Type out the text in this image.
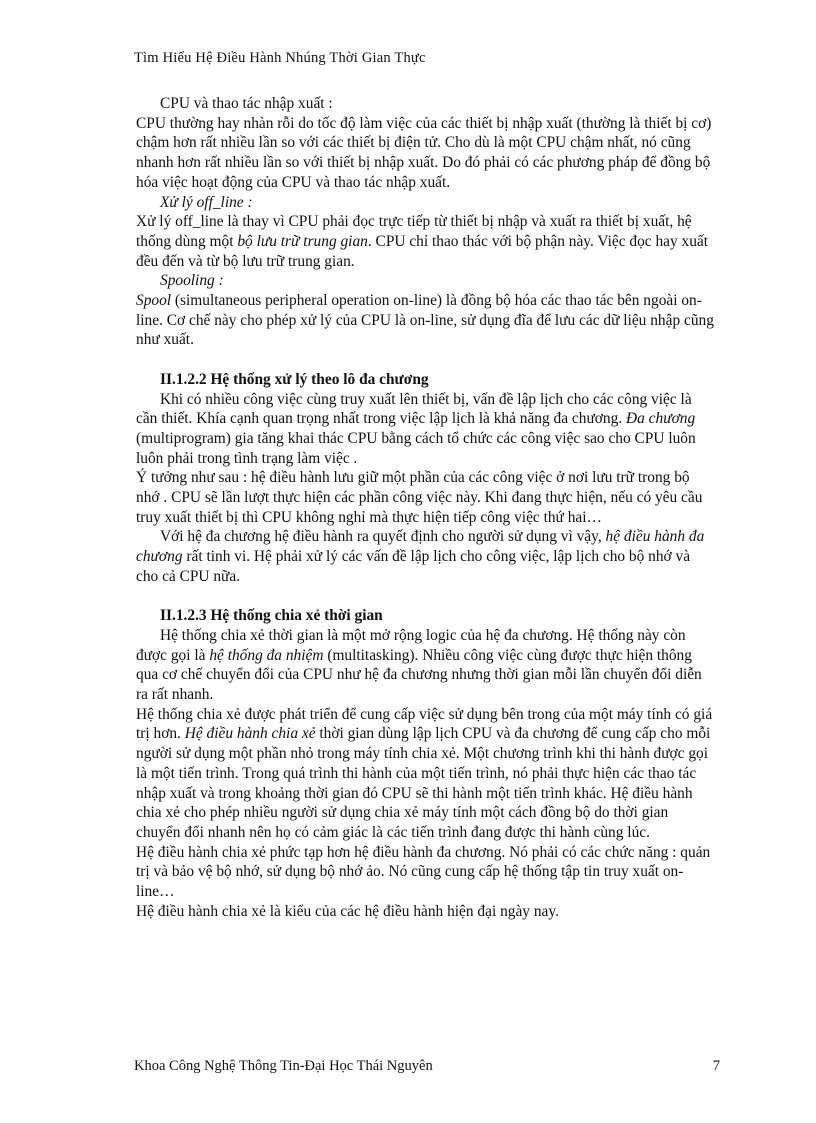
Tìm Hiểu Hệ Điều Hành Nhúng Thời Gian Thực

CPU và thao tác nhập xuất :

CPU thường hay nhàn rỗi do tốc độ làm việc của các thiết bị nhập xuất (thường là thiết bị cơ) chậm hơn rất nhiều lần so với các thiết bị điện tử. Cho dù là một CPU chậm nhất, nó cũng nhanh hơn rất nhiều lần so với thiết bị nhập xuất. Do đó phải có các phương pháp để đồng bộ hóa việc hoạt động của CPU và thao tác nhập xuất.

Xử lý off_line :

Xử lý off_line là thay vì CPU phải đọc trực tiếp từ thiết bị nhập và xuất ra thiết bị xuất, hệ thống dùng một bộ lưu trữ trung gian. CPU chỉ thao thác với bộ phận này. Việc đọc hay xuất đều đến và từ bộ lưu trữ trung gian.

Spooling :

Spool (simultaneous peripheral operation on-line) là đồng bộ hóa các thao tác bên ngoài on-line. Cơ chế này cho phép xử lý của CPU là on-line, sử dụng đĩa để lưu các dữ liệu nhập cũng như xuất.

II.1.2.2 Hệ thống xử lý theo lô đa chương

Khi có nhiều công việc cùng truy xuất lên thiết bị, vấn đề lập lịch cho các công việc là cần thiết. Khía cạnh quan trọng nhất trong việc lập lịch là khả năng đa chương. Đa chương (multiprogram) gia tăng khai thác CPU bằng cách tổ chức các công việc sao cho CPU luôn luôn phải trong tình trạng làm việc .

Ý tưởng như sau : hệ điều hành lưu giữ một phần của các công việc ở nơi lưu trữ trong bộ nhớ . CPU sẽ lần lượt thực hiện các phần công việc này. Khi đang thực hiện, nếu có yêu cầu truy xuất thiết bị thì CPU không nghỉ mà thực hiện tiếp công việc thứ hai…

Với hệ đa chương hệ điều hành ra quyết định cho người sử dụng vì vậy, hệ điều hành đa chương rất tinh vi. Hệ phải xử lý các vấn đề lập lịch cho công việc, lập lịch cho bộ nhớ và cho cả CPU nữa.

II.1.2.3 Hệ thống chia xẻ thời gian

Hệ thống chia xẻ thời gian là một mở rộng logic của hệ đa chương. Hệ thống này còn được gọi là hệ thống đa nhiệm (multitasking). Nhiều công việc cùng được thực hiện thông qua cơ chế chuyển đổi của CPU như hệ đa chương nhưng thời gian mỗi lần chuyển đổi diễn ra rất nhanh.

Hệ thống chia xẻ được phát triển để cung cấp việc sử dụng bên trong của một máy tính có giá trị hơn. Hệ điều hành chia xẻ thời gian dùng lập lịch CPU và đa chương để cung cấp cho mỗi người sử dụng một phần nhỏ trong máy tính chia xẻ. Một chương trình khi thi hành được gọi là một tiến trình. Trong quá trình thi hành của một tiến trình, nó phải thực hiện các thao tác nhập xuất và trong khoảng thời gian đó CPU sẽ thi hành một tiến trình khác. Hệ điều hành chia xẻ cho phép nhiều người sử dụng chia xẻ máy tính một cách đồng bộ do thời gian chuyển đổi nhanh nên họ có cảm giác là các tiến trình đang được thi hành cùng lúc.

Hệ điều hành chia xẻ phức tạp hơn hệ điều hành đa chương. Nó phải có các chức năng : quản trị và bảo vệ bộ nhớ, sử dụng bộ nhớ ảo. Nó cũng cung cấp hệ thống tập tin truy xuất on-line…

Hệ điều hành chia xẻ là kiểu của các hệ điều hành hiện đại ngày nay.

Khoa Công Nghệ Thông Tin-Đại Học Thái Nguyên	7
